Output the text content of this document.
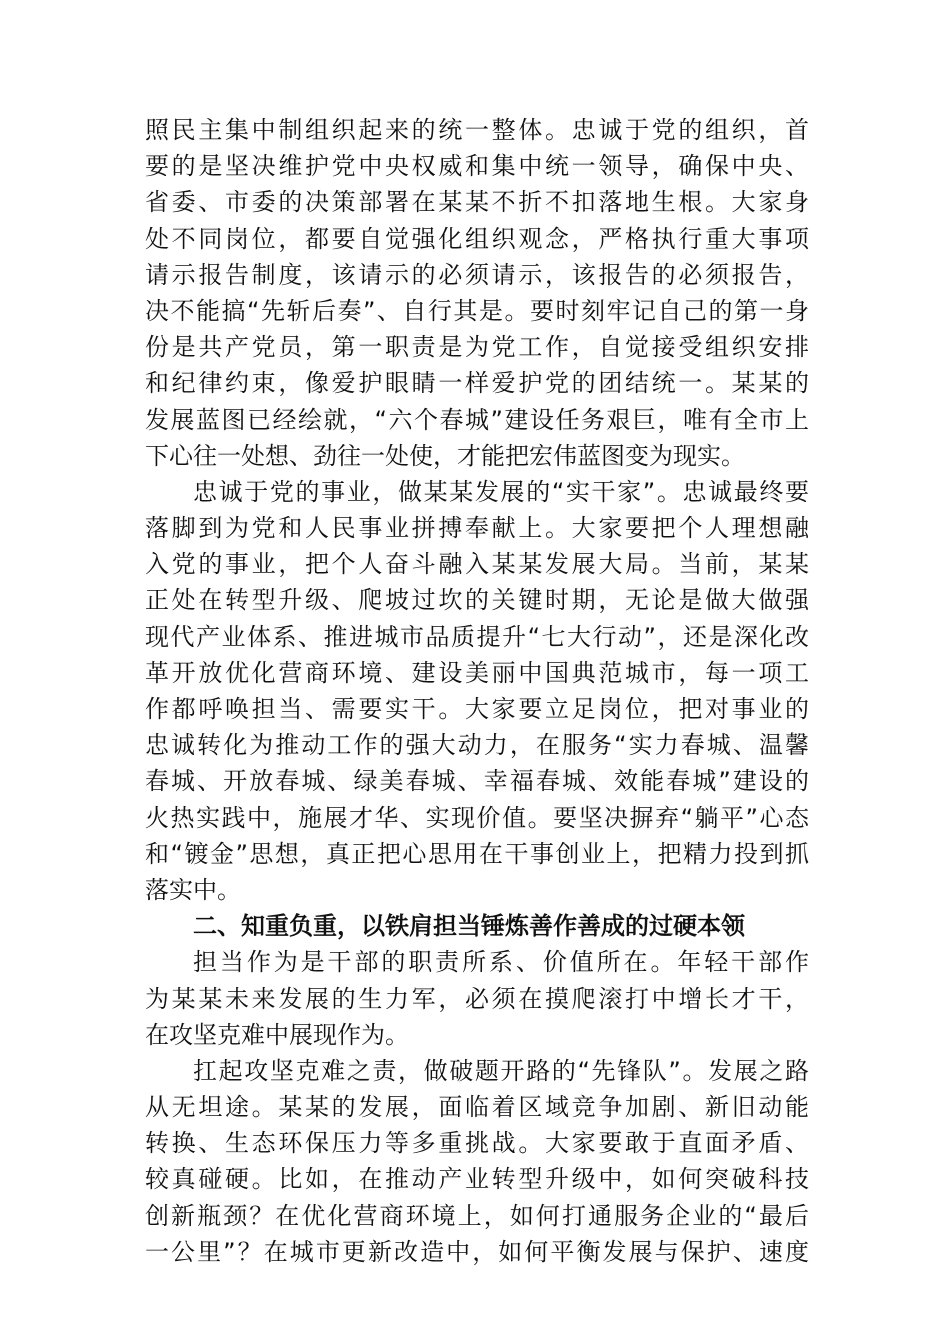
照民主集中制组织起来的统一整体。忠诚于党的组织，首
要的是坚决维护党中央权威和集中统一领导，确保中央、
省委、市委的决策部署在某某不折不扣落地生根。大家身
处不同岗位，都要自觉强化组织观念，严格执行重大事项
请示报告制度，该请示的必须请示，该报告的必须报告，
决不能搞“先斩后奏”、自行其是。要时刻牢记自己的第一身
份是共产党员，第一职责是为党工作，自觉接受组织安排
和纪律约束，像爱护眼睛一样爱护党的团结统一。某某的
发展蓝图已经绘就，“六个春城”建设任务艰巨，唯有全市上
下心往一处想、劲往一处使，才能把宏伟蓝图变为现实。
忠诚于党的事业，做某某发展的“实干家”。忠诚最终要
落脚到为党和人民事业拼搏奉献上。大家要把个人理想融
入党的事业，把个人奋斗融入某某发展大局。当前，某某
正处在转型升级、爬坡过坎的关键时期，无论是做大做强
现代产业体系、推进城市品质提升“七大行动”，还是深化改
革开放优化营商环境、建设美丽中国典范城市，每一项工
作都呼唤担当、需要实干。大家要立足岗位，把对事业的
忠诚转化为推动工作的强大动力，在服务“实力春城、温馨
春城、开放春城、绿美春城、幸福春城、效能春城”建设的
火热实践中，施展才华、实现价值。要坚决摒弃“躺平”心态
和“镀金”思想，真正把心思用在干事创业上，把精力投到抓
落实中。
二、知重负重，以铁肩担当锤炼善作善成的过硬本领
担当作为是干部的职责所系、价值所在。年轻干部作
为某某未来发展的生力军，必须在摸爬滚打中增长才干，
在攻坚克难中展现作为。
扛起攻坚克难之责，做破题开路的“先锋队”。发展之路
从无坦途。某某的发展，面临着区域竞争加剧、新旧动能
转换、生态环保压力等多重挑战。大家要敢于直面矛盾、
较真碰硬。比如，在推动产业转型升级中，如何突破科技
创新瓶颈？在优化营商环境上，如何打通服务企业的“最后
一公里”？在城市更新改造中，如何平衡发展与保护、速度
